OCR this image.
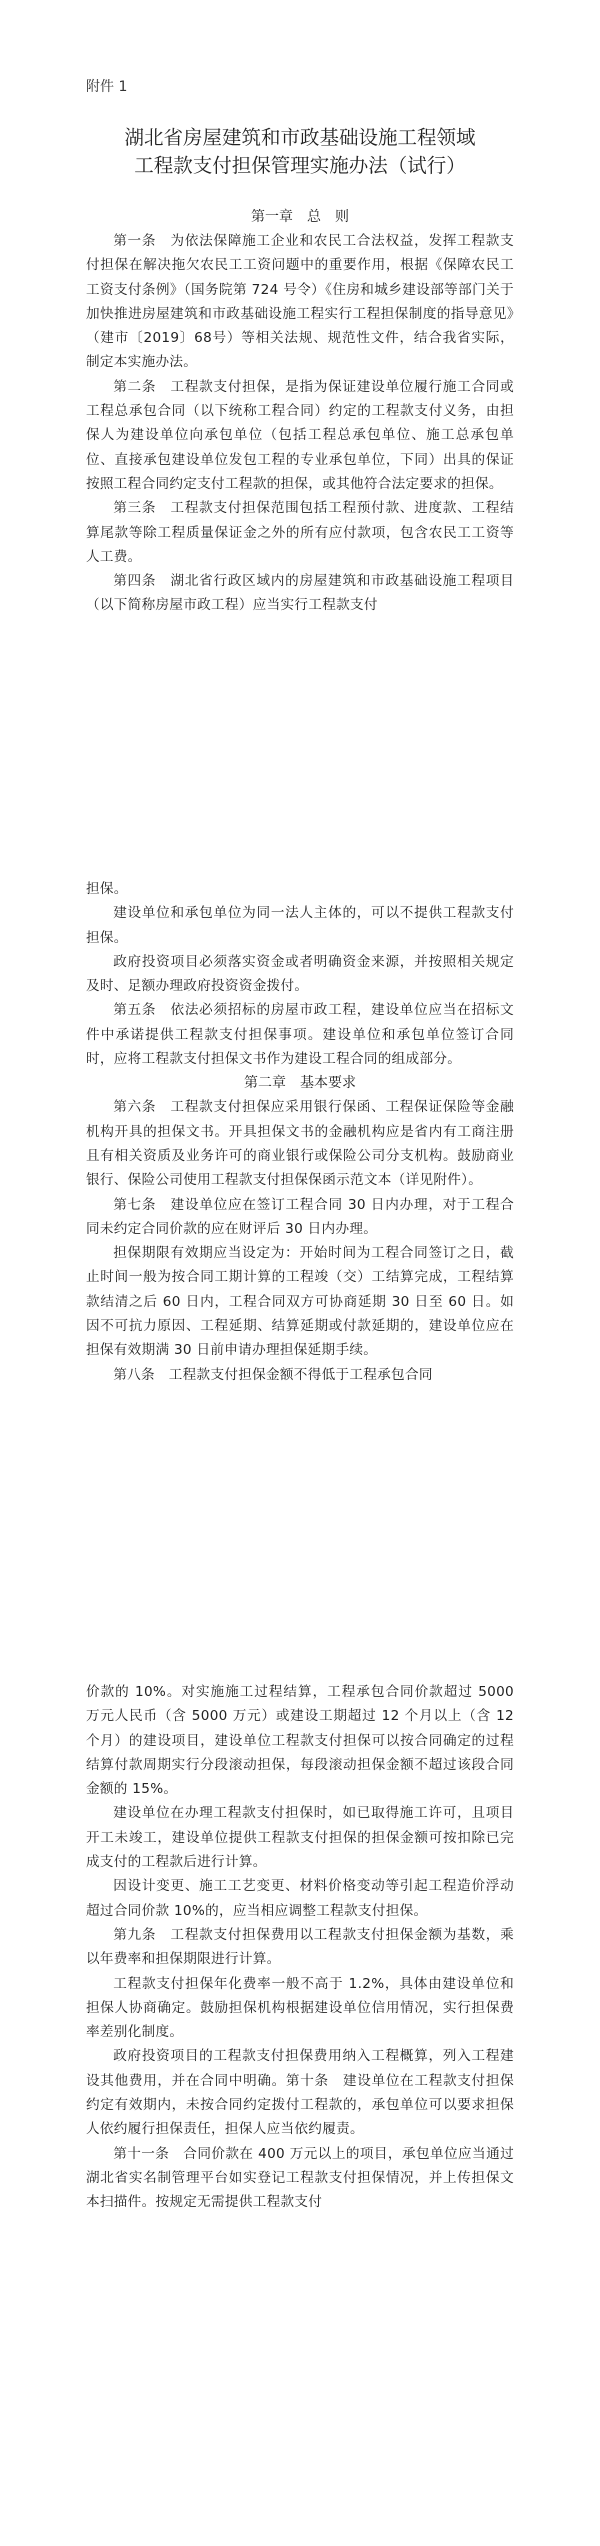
附件 1
湖北省房屋建筑和市政基础设施工程领域
工程款支付担保管理实施办法（试行）

第一章　总　则

第一条　为依法保障施工企业和农民工合法权益，发挥工程款支付担保在解决拖欠农民工工资问题中的重要作用，根据《保障农民工工资支付条例》（国务院第 724 号令）《住房和城乡建设部等部门关于加快推进房屋建筑和市政基础设施工程实行工程担保制度的指导意见》（建市〔2019〕68号）等相关法规、规范性文件，结合我省实际，制定本实施办法。

第二条　工程款支付担保，是指为保证建设单位履行施工合同或工程总承包合同（以下统称工程合同）约定的工程款支付义务，由担保人为建设单位向承包单位（包括工程总承包单位、施工总承包单位、直接承包建设单位发包工程的专业承包单位，下同）出具的保证按照工程合同约定支付工程款的担保，或其他符合法定要求的担保。

第三条　工程款支付担保范围包括工程预付款、进度款、工程结算尾款等除工程质量保证金之外的所有应付款项，包含农民工工资等人工费。

第四条　湖北省行政区域内的房屋建筑和市政基础设施工程项目（以下简称房屋市政工程）应当实行工程款支付

担保。

建设单位和承包单位为同一法人主体的，可以不提供工程款支付担保。

政府投资项目必须落实资金或者明确资金来源，并按照相关规定及时、足额办理政府投资资金拨付。

第五条　依法必须招标的房屋市政工程，建设单位应当在招标文件中承诺提供工程款支付担保事项。建设单位和承包单位签订合同时，应将工程款支付担保文书作为建设工程合同的组成部分。

第二章　基本要求

第六条　工程款支付担保应采用银行保函、工程保证保险等金融机构开具的担保文书。开具担保文书的金融机构应是省内有工商注册且有相关资质及业务许可的商业银行或保险公司分支机构。鼓励商业银行、保险公司使用工程款支付担保保函示范文本（详见附件）。

第七条　建设单位应在签订工程合同 30 日内办理，对于工程合同未约定合同价款的应在财评后 30 日内办理。

担保期限有效期应当设定为：开始时间为工程合同签订之日，截止时间一般为按合同工期计算的工程竣（交）工结算完成，工程结算款结清之后 60 日内，工程合同双方可协商延期 30 日至 60 日。如因不可抗力原因、工程延期、结算延期或付款延期的，建设单位应在担保有效期满 30 日前申请办理担保延期手续。

第八条　工程款支付担保金额不得低于工程承包合同

价款的 10%。对实施施工过程结算，工程承包合同价款超过 5000 万元人民币（含 5000 万元）或建设工期超过 12 个月以上（含 12 个月）的建设项目，建设单位工程款支付担保可以按合同确定的过程结算付款周期实行分段滚动担保，每段滚动担保金额不超过该段合同金额的 15%。

建设单位在办理工程款支付担保时，如已取得施工许可，且项目开工未竣工，建设单位提供工程款支付担保的担保金额可按扣除已完成支付的工程款后进行计算。

因设计变更、施工工艺变更、材料价格变动等引起工程造价浮动超过合同价款 10%的，应当相应调整工程款支付担保。

第九条　工程款支付担保费用以工程款支付担保金额为基数，乘以年费率和担保期限进行计算。

工程款支付担保年化费率一般不高于 1.2%，具体由建设单位和担保人协商确定。鼓励担保机构根据建设单位信用情况，实行担保费率差别化制度。

政府投资项目的工程款支付担保费用纳入工程概算，列入工程建设其他费用，并在合同中明确。第十条　建设单位在工程款支付担保约定有效期内，未按合同约定拨付工程款的，承包单位可以要求担保人依约履行担保责任，担保人应当依约履责。

第十一条　合同价款在 400 万元以上的项目，承包单位应当通过湖北省实名制管理平台如实登记工程款支付担保情况，并上传担保文本扫描件。按规定无需提供工程款支付
